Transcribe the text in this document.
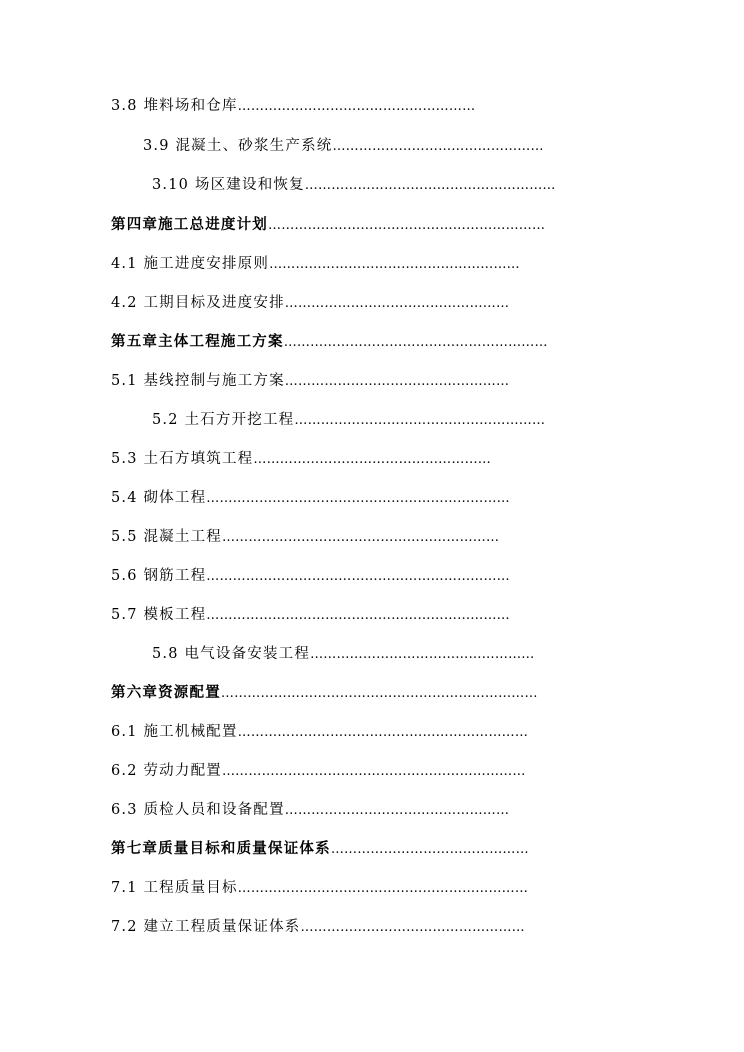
3.8 堆料场和仓库………………………………………………
3.9 混凝土、砂浆生产系统…………………………………………
3.10 场区建设和恢复…………………………………………………
第四章施工总进度计划………………………………………………………
4.1 施工进度安排原则…………………………………………………
4.2 工期目标及进度安排……………………………………………
第五章主体工程施工方案……………………………………………………
5.1 基线控制与施工方案……………………………………………
5.2 土石方开挖工程…………………………………………………
5.3 土石方填筑工程………………………………………………
5.4 砌体工程……………………………………………………………
5.5 混凝土工程………………………………………………………
5.6 钢筋工程……………………………………………………………
5.7 模板工程……………………………………………………………
5.8 电气设备安装工程……………………………………………
第六章资源配置………………………………………………………………
6.1 施工机械配置…………………………………………………………
6.2 劳动力配置……………………………………………………………
6.3 质检人员和设备配置……………………………………………
第七章质量目标和质量保证体系………………………………………
7.1 工程质量目标…………………………………………………………
7.2 建立工程质量保证体系……………………………………………
